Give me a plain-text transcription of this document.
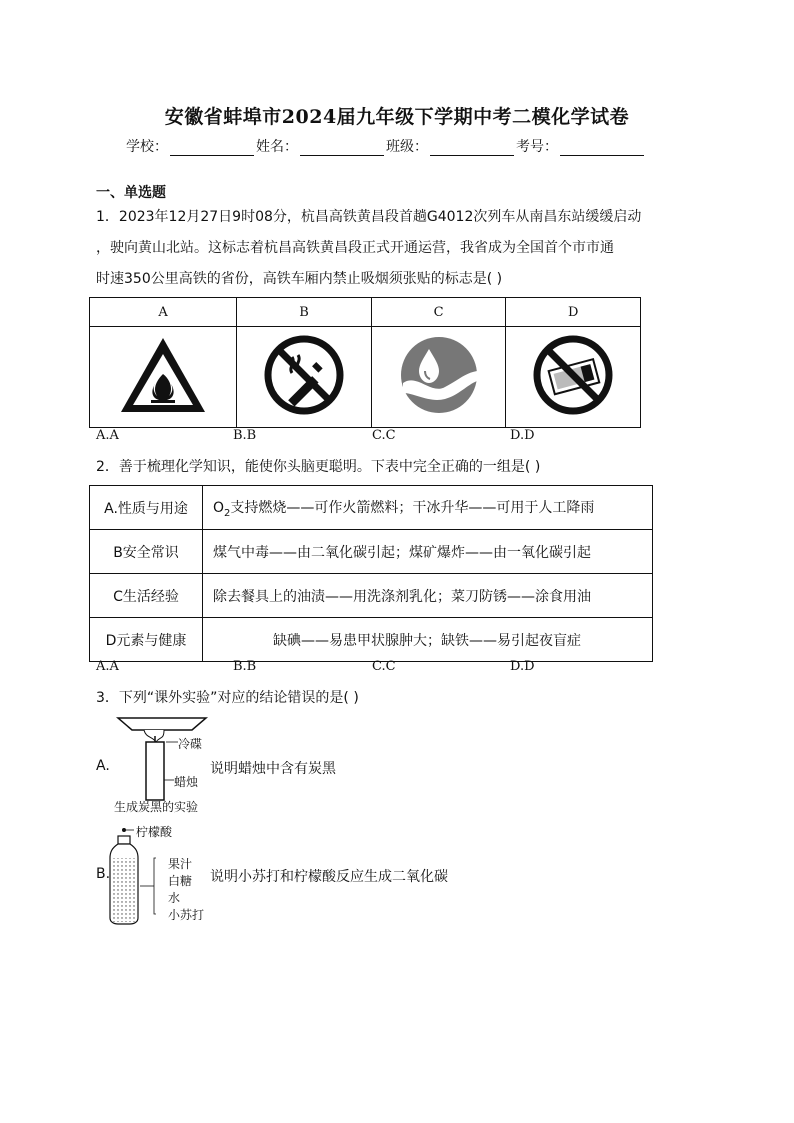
安徽省蚌埠市2024届九年级下学期中考二模化学试卷
学校：	姓名：	班级：	考号：
一、单选题
1．2023年12月27日9时08分，杭昌高铁黄昌段首趟G4012次列车从南昌东站缓缓启动
，驶向黄山北站。这标志着杭昌高铁黄昌段正式开通运营，我省成为全国首个市市通
时速350公里高铁的省份，高铁车厢内禁止吸烟须张贴的标志是( )
A	B	C	D

A.A	B.B	C.C	D.D
2．善于梳理化学知识，能使你头脑更聪明。下表中完全正确的一组是( )
A.性质与用途	$O_2$支持燃烧——可作火箭燃料；干冰升华——可用于人工降雨
B安全常识	煤气中毒——由二氧化碳引起；煤矿爆炸——由一氧化碳引起
C生活经验	除去餐具上的油渍——用洗涤剂乳化；菜刀防锈——涂食用油
D元素与健康	缺碘——易患甲状腺肿大；缺铁——易引起夜盲症
A.A	B.B	C.C	D.D
3．下列“课外实验”对应的结论错误的是( )
A.
冷碟
蜡烛
生成炭黑的实验
说明蜡烛中含有炭黑
柠檬酸
B.
果汁
白糖
水
小苏打
说明小苏打和柠檬酸反应生成二氧化碳
